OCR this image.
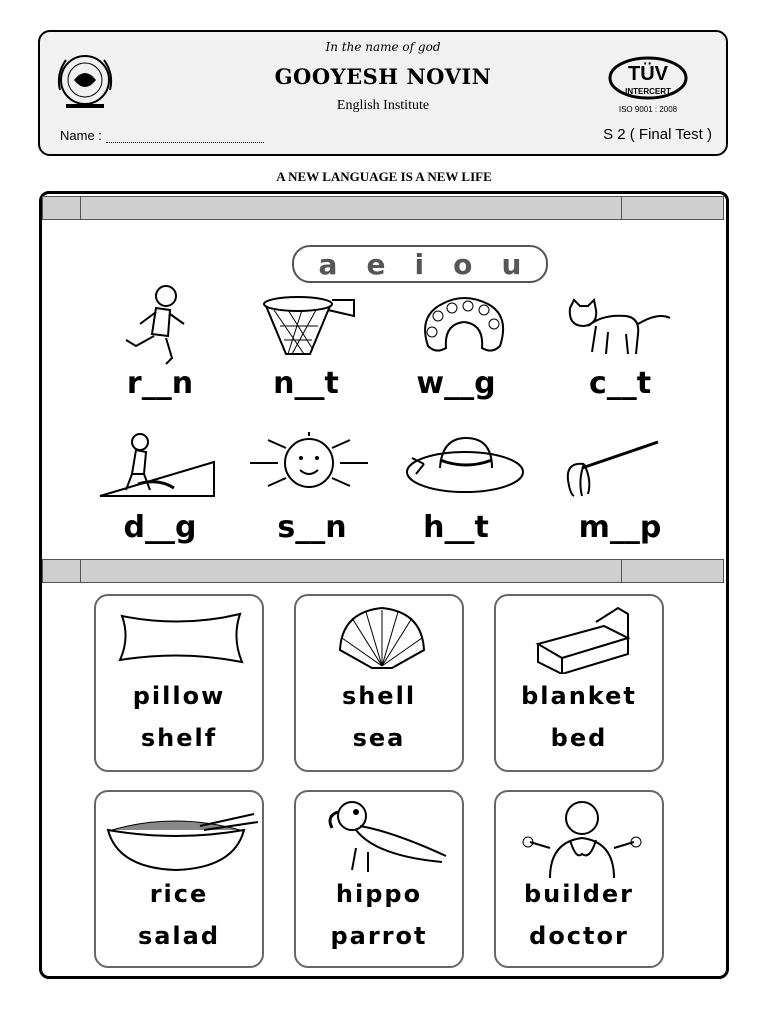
In the name of god
GOOYESH NOVIN
English Institute
TÜV
INTERCERT
ISO 9001 : 2008
Name :	S 2 ( Final Test )
A NEW LANGUAGE IS A NEW LIFE
a e i o u
r__n	n__t	w__g	c__t
d__g	s__n	h__t	m__p
pillow
shelf
shell
sea
blanket
bed
rice
salad
hippo
parrot
builder
doctor
